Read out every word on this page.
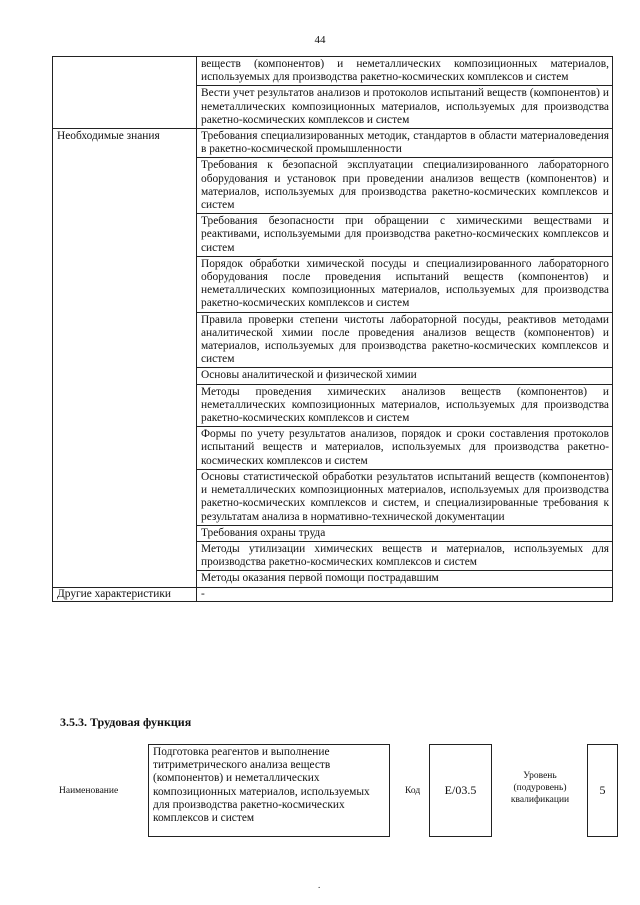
44
	веществ (компонентов) и неметаллических композиционных материалов, используемых для производства ракетно-космических комплексов и систем
	Вести учет результатов анализов и протоколов испытаний веществ (компонентов) и неметаллических композиционных материалов, используемых для производства ракетно-космических комплексов и систем
Необходимые знания	Требования специализированных методик, стандартов в области материаловедения в ракетно-космической промышленности
	Требования к безопасной эксплуатации специализированного лабораторного оборудования и установок при проведении анализов веществ (компонентов) и материалов, используемых для производства ракетно-космических комплексов и систем
	Требования безопасности при обращении с химическими веществами и реактивами, используемыми для производства ракетно-космических комплексов и систем
	Порядок обработки химической посуды и специализированного лабораторного оборудования после проведения испытаний веществ (компонентов) и неметаллических композиционных материалов, используемых для производства ракетно-космических комплексов и систем
	Правила проверки степени чистоты лабораторной посуды, реактивов методами аналитической химии после проведения анализов веществ (компонентов) и материалов, используемых для производства ракетно-космических комплексов и систем
	Основы аналитической и физической химии
	Методы проведения химических анализов веществ (компонентов) и неметаллических композиционных материалов, используемых для производства ракетно-космических комплексов и систем
	Формы по учету результатов анализов, порядок и сроки составления протоколов испытаний веществ и материалов, используемых для производства ракетно-космических комплексов и систем
	Основы статистической обработки результатов испытаний веществ (компонентов) и неметаллических композиционных материалов, используемых для производства ракетно-космических комплексов и систем, и специализированные требования к результатам анализа в нормативно-технической документации
	Требования охраны труда
	Методы утилизации химических веществ и материалов, используемых для производства ракетно-космических комплексов и систем
	Методы оказания первой помощи пострадавшим
Другие характеристики	-
3.5.3. Трудовая функция
Наименование
Подготовка реагентов и выполнение титриметрического анализа веществ (компонентов) и неметаллических композиционных материалов, используемых для производства ракетно-космических комплексов и систем
Код	E/03.5
Уровень (подуровень) квалификации
5
.
